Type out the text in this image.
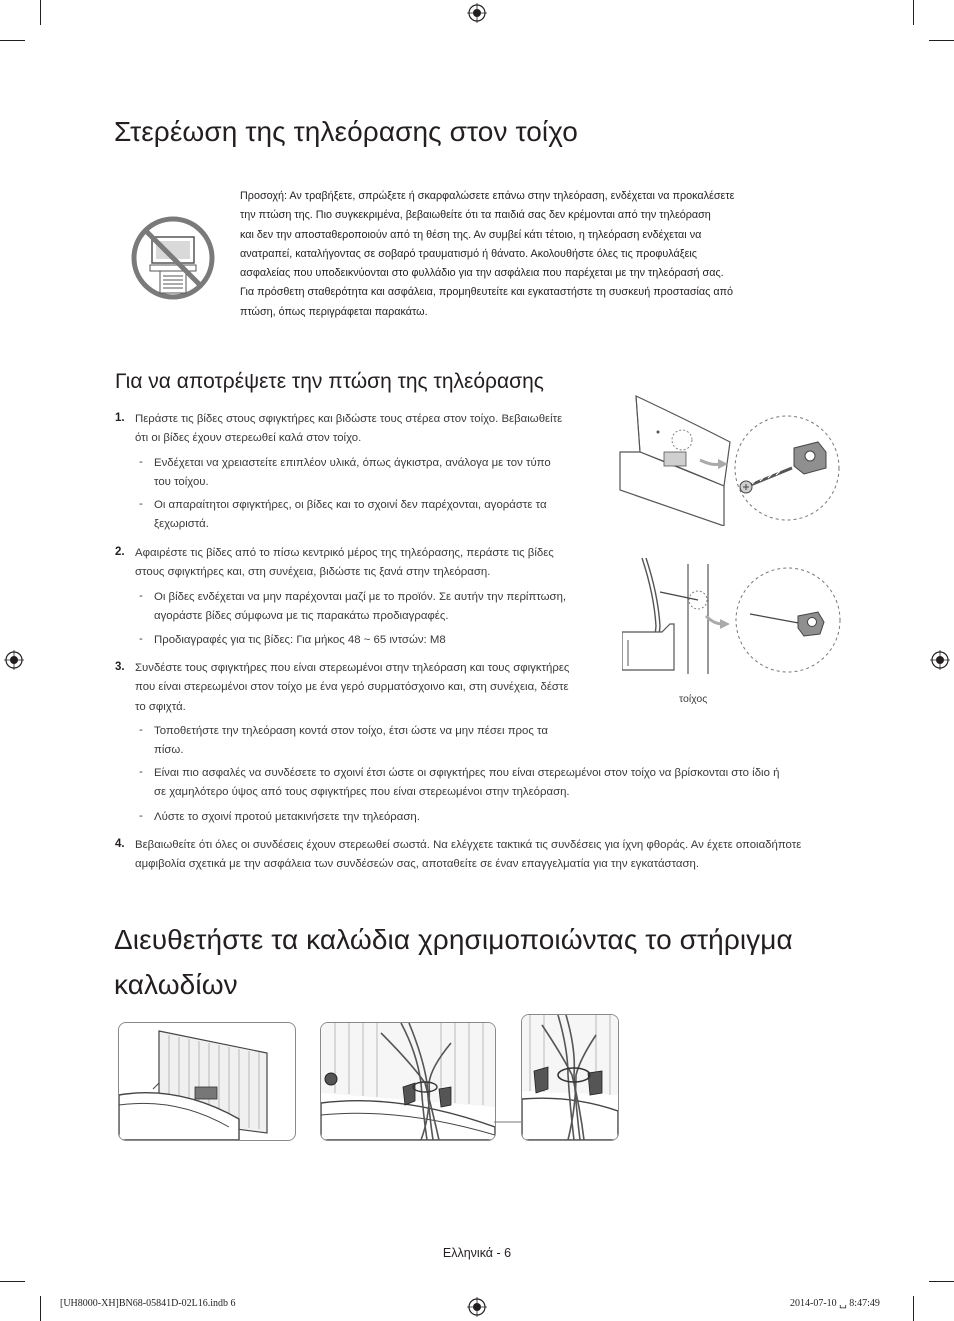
Στερέωση της τηλεόρασης στον τοίχο
Προσοχή: Αν τραβήξετε, σπρώξετε ή σκαρφαλώσετε επάνω στην τηλεόραση, ενδέχεται να προκαλέσετε
την πτώση της. Πιο συγκεκριμένα, βεβαιωθείτε ότι τα παιδιά σας δεν κρέμονται από την τηλεόραση
και δεν την αποσταθεροποιούν από τη θέση της. Αν συμβεί κάτι τέτοιο, η τηλεόραση ενδέχεται να
ανατραπεί, καταλήγοντας σε σοβαρό τραυματισμό ή θάνατο. Ακολουθήστε όλες τις προφυλάξεις
ασφαλείας που υποδεικνύονται στο φυλλάδιο για την ασφάλεια που παρέχεται με την τηλεόρασή σας.
Για πρόσθετη σταθερότητα και ασφάλεια, προμηθευτείτε και εγκαταστήστε τη συσκευή προστασίας από
πτώση, όπως περιγράφεται παρακάτω.
Για να αποτρέψετε την πτώση της τηλεόρασης
1. Περάστε τις βίδες στους σφιγκτήρες και βιδώστε τους στέρεα στον τοίχο. Βεβαιωθείτε
ότι οι βίδες έχουν στερεωθεί καλά στον τοίχο.
- Ενδέχεται να χρειαστείτε επιπλέον υλικά, όπως άγκιστρα, ανάλογα με τον τύπο
του τοίχου.
- Οι απαραίτητοι σφιγκτήρες, οι βίδες και το σχοινί δεν παρέχονται, αγοράστε τα
ξεχωριστά.
2. Αφαιρέστε τις βίδες από το πίσω κεντρικό μέρος της τηλεόρασης, περάστε τις βίδες
στους σφιγκτήρες και, στη συνέχεια, βιδώστε τις ξανά στην τηλεόραση.
- Οι βίδες ενδέχεται να μην παρέχονται μαζί με το προϊόν. Σε αυτήν την περίπτωση,
αγοράστε βίδες σύμφωνα με τις παρακάτω προδιαγραφές.
- Προδιαγραφές για τις βίδες: Για μήκος 48 ~ 65 ιντσών: M8
3. Συνδέστε τους σφιγκτήρες που είναι στερεωμένοι στην τηλεόραση και τους σφιγκτήρες
που είναι στερεωμένοι στον τοίχο με ένα γερό συρματόσχοινο και, στη συνέχεια, δέστε
το σφιχτά.
- Τοποθετήστε την τηλεόραση κοντά στον τοίχο, έτσι ώστε να μην πέσει προς τα
πίσω.
- Είναι πιο ασφαλές να συνδέσετε το σχοινί έτσι ώστε οι σφιγκτήρες που είναι στερεωμένοι στον τοίχο να βρίσκονται στο ίδιο ή
σε χαμηλότερο ύψος από τους σφιγκτήρες που είναι στερεωμένοι στην τηλεόραση.
- Λύστε το σχοινί προτού μετακινήσετε την τηλεόραση.
4. Βεβαιωθείτε ότι όλες οι συνδέσεις έχουν στερεωθεί σωστά. Να ελέγχετε τακτικά τις συνδέσεις για ίχνη φθοράς. Αν έχετε οποιαδήποτε
αμφιβολία σχετικά με την ασφάλεια των συνδέσεών σας, αποταθείτε σε έναν επαγγελματία για την εγκατάσταση.
τοίχος
Διευθετήστε τα καλώδια χρησιμοποιώντας το στήριγμα
καλωδίων
Ελληνικά - 6
[UH8000-XH]BN68-05841D-02L16.indb 6	2014-07-10 ␣ 8:47:49
